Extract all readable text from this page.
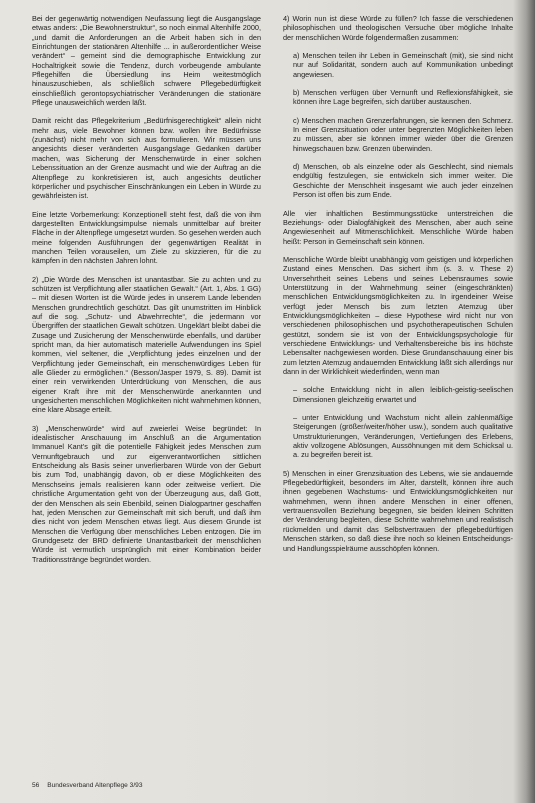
Bei der gegenwärtig notwendigen Neufassung liegt die Ausgangslage etwas anders: „Die Bewohnerstruktur“, so noch einmal Altenhilfe 2000, „und damit die Anforderungen an die Arbeit haben sich in den Einrichtungen der stationären Altenhilfe ... in außerordentlicher Weise verändert“ – gemeint sind die demographische Entwicklung zur Hochaltrigkeit sowie die Tendenz, durch vorbeugende ambulante Pflegehilfen die Übersiedlung ins Heim weitestmöglich hinauszuschieben, als schließlich schwere Pflegebedürftigkeit einschließlich gerontopsychiatrischer Veränderungen die stationäre Pflege unausweichlich werden läßt.

Damit reicht das Pflegekriterium „Bedürfnisgerechtigkeit“ allein nicht mehr aus, viele Bewohner können bzw. wollen ihre Bedürfnisse (zunächst) nicht mehr von sich aus formulieren. Wir müssen uns angesichts dieser veränderten Ausgangslage Gedanken darüber machen, was Sicherung der Menschenwürde in einer solchen Lebenssituation an der Grenze ausmacht und wie der Auftrag an die Altenpflege zu konkretisieren ist, auch angesichts deutlicher körperlicher und psychischer Einschränkungen ein Leben in Würde zu gewährleisten ist.

Eine letzte Vorbemerkung: Konzeptionell steht fest, daß die von ihm dargestellten Entwicklungsimpulse niemals unmittelbar auf breiter Fläche in der Altenpflege umgesetzt wurden. So gesehen werden auch meine folgenden Ausführungen der gegenwärtigen Realität in manchen Teilen vorauseilen, um Ziele zu skizzieren, für die zu kämpfen in den nächsten Jahren lohnt.

2) „Die Würde des Menschen ist unantastbar. Sie zu achten und zu schützen ist Verpflichtung aller staatlichen Gewalt.“ (Art. 1, Abs. 1 GG) – mit diesen Worten ist die Würde jedes in unserem Lande lebenden Menschen grundrechtlich geschützt. Das gilt unumstritten im Hinblick auf die sog. „Schutz- und Abwehrrechte“, die jedermann vor Übergriffen der staatlichen Gewalt schützen. Ungeklärt bleibt dabei die Zusage und Zusicherung der Menschenwürde ebenfalls, und darüber spricht man, da hier automatisch materielle Aufwendungen ins Spiel kommen, viel seltener, die „Verpflichtung jedes einzelnen und der Verpflichtung jeder Gemeinschaft, ein menschenwürdiges Leben für alle Glieder zu ermöglichen.“ (Besson/Jasper 1979, S. 89). Damit ist einer rein verwirkenden Unterdrückung von Menschen, die aus eigener Kraft ihre mit der Menschenwürde anerkannten und ungesicherten menschlichen Möglichkeiten nicht wahrnehmen können, eine klare Absage erteilt.

3) „Menschenwürde“ wird auf zweierlei Weise begründet: In idealistischer Anschauung im Anschluß an die Argumentation Immanuel Kant's gilt die potentielle Fähigkeit jedes Menschen zum Vernunftgebrauch und zur eigenverantwortlichen sittlichen Entscheidung als Basis seiner unverlierbaren Würde von der Geburt bis zum Tod, unabhängig davon, ob er diese Möglichkeiten des Menschseins jemals realisieren kann oder zeitweise verliert. Die christliche Argumentation geht von der Überzeugung aus, daß Gott, der den Menschen als sein Ebenbild, seinen Dialogpartner geschaffen hat, jeden Menschen zur Gemeinschaft mit sich beruft, und daß ihm dies nicht von jedem Menschen etwas liegt. Aus diesem Grunde ist Menschen die Verfügung über menschliches Leben entzogen. Die im Grundgesetz der BRD definierte Unantastbarkeit der menschlichen Würde ist vermutlich ursprünglich mit einer Kombination beider Traditionsstränge begründet worden.

4) Worin nun ist diese Würde zu füllen? Ich fasse die verschiedenen philosophischen und theologischen Versuche über mögliche Inhalte der menschlichen Würde folgendermaßen zusammen:

a) Menschen teilen ihr Leben in Gemeinschaft (mit), sie sind nicht nur auf Solidarität, sondern auch auf Kommunikation unbedingt angewiesen.

b) Menschen verfügen über Vernunft und Reflexionsfähigkeit, sie können ihre Lage begreifen, sich darüber austauschen.

c) Menschen machen Grenzerfahrungen, sie kennen den Schmerz. In einer Grenzsituation oder unter begrenzten Möglichkeiten leben zu müssen, aber sie können immer wieder über die Grenzen hinwegschauen bzw. Grenzen überwinden.

d) Menschen, ob als einzelne oder als Geschlecht, sind niemals endgültig festzulegen, sie entwickeln sich immer weiter. Die Geschichte der Menschheit insgesamt wie auch jeder einzelnen Person ist offen bis zum Ende.

Alle vier inhaltlichen Bestimmungsstücke unterstreichen die Beziehungs- oder Dialogfähigkeit des Menschen, aber auch seine Angewiesenheit auf Mitmenschlichkeit. Menschliche Würde haben heißt: Person in Gemeinschaft sein können.

Menschliche Würde bleibt unabhängig vom geistigen und körperlichen Zustand eines Menschen. Das sichert ihm (s. 3. v. These 2) Unversehrtheit seines Lebens und seines Lebensraumes sowie Unterstützung in der Wahrnehmung seiner (eingeschränkten) menschlichen Entwicklungsmöglichkeiten zu. In irgendeiner Weise verfügt jeder Mensch bis zum letzten Atemzug über Entwicklungsmöglichkeiten – diese Hypothese wird nicht nur von verschiedenen philosophischen und psychotherapeutischen Schulen gestützt, sondern sie ist von der Entwicklungspsychologie für verschiedene Entwicklungs- und Verhaltensbereiche bis ins höchste Lebensalter nachgewiesen worden. Diese Grundanschauung einer bis zum letzten Atemzug andauernden Entwicklung läßt sich allerdings nur dann in der Wirklichkeit wiederfinden, wenn man

– solche Entwicklung nicht in allen leiblich-geistig-seelischen Dimensionen gleichzeitig erwartet und

– unter Entwicklung und Wachstum nicht allein zahlenmäßige Steigerungen (größer/weiter/höher usw.), sondern auch qualitative Umstrukturierungen, Veränderungen, Vertiefungen des Erlebens, aktiv vollzogene Ablösungen, Aussöhnungen mit dem Schicksal u. a. zu begreifen bereit ist.

5) Menschen in einer Grenzsituation des Lebens, wie sie andauernde Pflegebedürftigkeit, besonders im Alter, darstellt, können ihre auch ihnen gegebenen Wachstums- und Entwicklungsmöglichkeiten nur wahrnehmen, wenn ihnen andere Menschen in einer offenen, vertrauensvollen Beziehung begegnen, sie beiden kleinen Schritten der Veränderung begleiten, diese Schritte wahrnehmen und realistisch rückmelden und damit das Selbstvertrauen der pflegebedürftigen Menschen stärken, so daß diese ihre noch so kleinen Entscheidungs- und Handlungsspielräume ausschöpfen können.

56 Bundesverband Altenpflege 3/93
